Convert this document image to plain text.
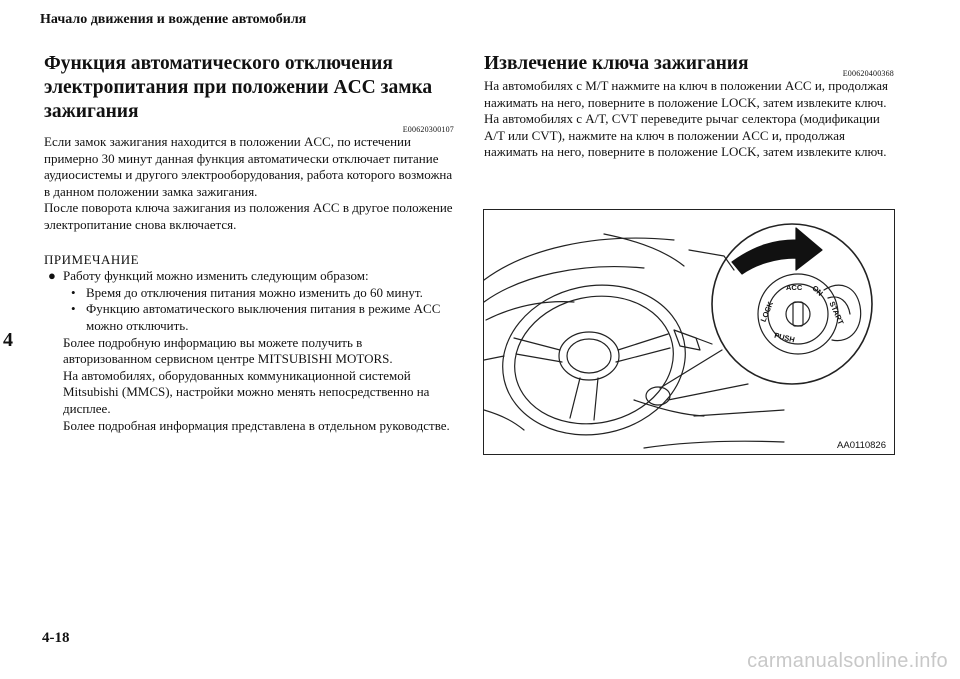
Начало движения и вождение автомобиля
4
Функция автоматического отключения электропитания при положении ACC замка зажигания
E00620300107

Если замок зажигания находится в положении ACC, по истечении примерно 30 минут данная функция автоматически отключает питание аудиосистемы и другого электрооборудования, работа которого возможна в данном положении замка зажигания.

После поворота ключа зажигания из положения ACC в другое положение электропитание снова включается.

ПРИМЕЧАНИЕ
● Работу функций можно изменить следующим образом:
• Время до отключения питания можно изменить до 60 минут.
• Функцию автоматического выключения питания в режиме ACC можно отключить.
Более подробную информацию вы можете получить в авторизованном сервисном центре MITSUBISHI MOTORS.
На автомобилях, оборудованных коммуникационной системой Mitsubishi (MMCS), настройки можно менять непосредственно на дисплее.
Более подробная информация представлена в отдельном руководстве.
Извлечение ключа зажигания	E00620400368

На автомобилях с M/T нажмите на ключ в положении ACC и, продолжая нажимать на него, поверните в положение LOCK, затем извлеките ключ.

На автомобилях с A/T, CVT переведите рычаг селектора (модификации A/T или CVT), нажмите на ключ в положении ACC и, продолжая нажимать на него, поверните в положение LOCK, затем извлеките ключ.

LOCK
ACC ON
START
PUSH
AA0110826
4-18
carmanualsonline.info
